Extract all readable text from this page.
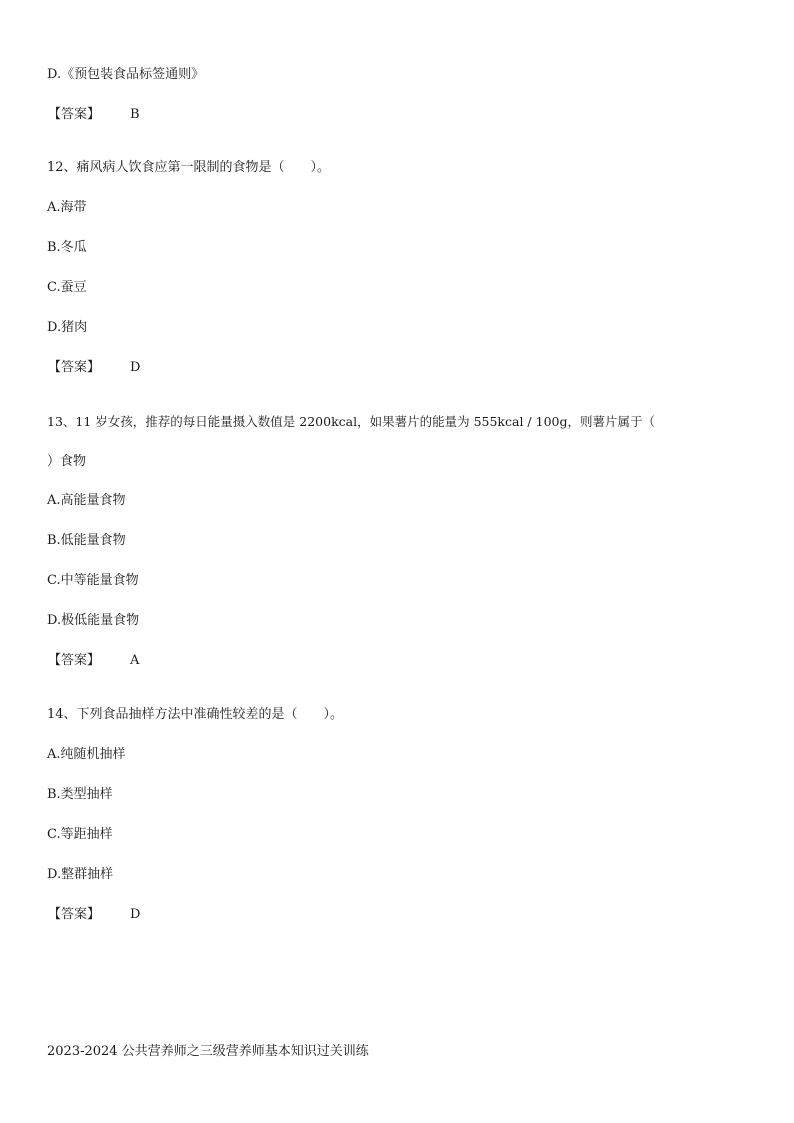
D.《预包装食品标签通则》
【答案】 B
12、痛风病人饮食应第一限制的食物是（　　）。
A.海带
B.冬瓜
C.蚕豆
D.猪肉
【答案】 D
13、11 岁女孩，推荐的每日能量摄入数值是 2200kcal，如果薯片的能量为 555kcal / 100g，则薯片属于（
）食物
A.高能量食物
B.低能量食物
C.中等能量食物
D.极低能量食物
【答案】 A
14、下列食品抽样方法中准确性较差的是（　　）。
A.纯随机抽样
B.类型抽样
C.等距抽样
D.整群抽样
【答案】 D
2023-2024 公共营养师之三级营养师基本知识过关训练
